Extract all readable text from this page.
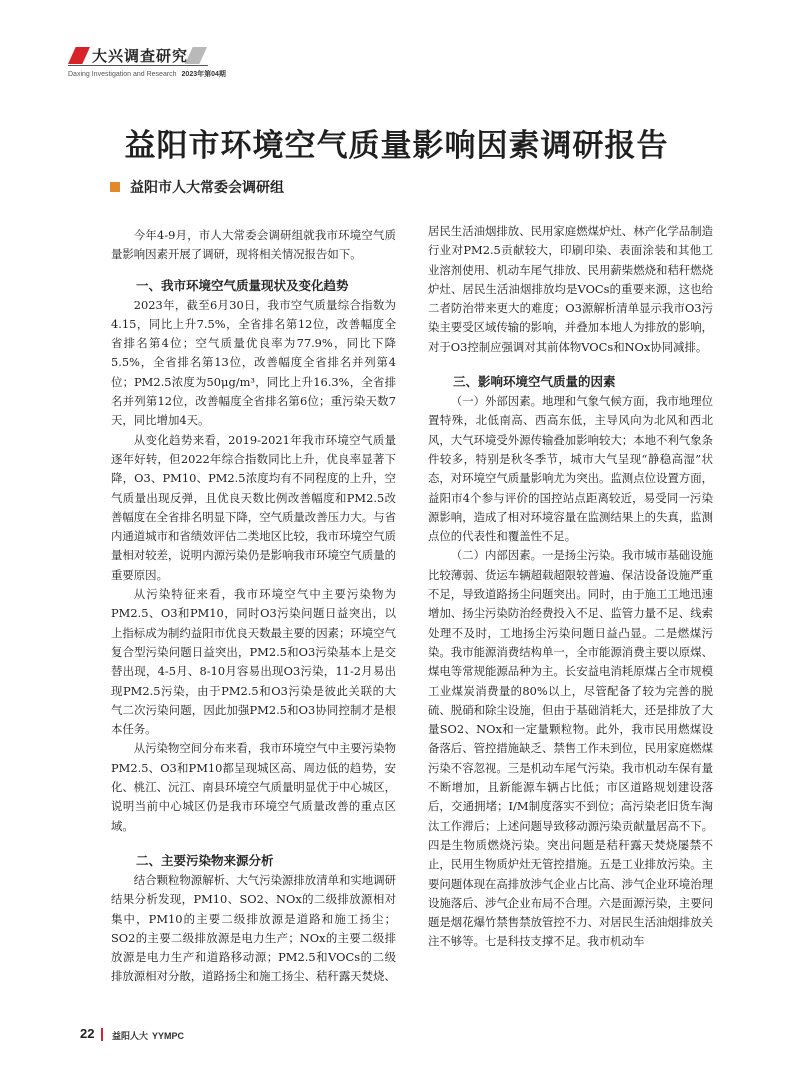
大兴调查研究
Daxing Investigation and Research 2023年第04期
益阳市环境空气质量影响因素调研报告
益阳市人大常委会调研组

今年4-9月，市人大常委会调研组就我市环境空气质量影响因素开展了调研，现将相关情况报告如下。

一、我市环境空气质量现状及变化趋势

2023年，截至6月30日，我市空气质量综合指数为4.15，同比上升7.5%，全省排名第12位，改善幅度全省排名第4位；空气质量优良率为77.9%，同比下降5.5%，全省排名第13位，改善幅度全省排名并列第4位；PM2.5浓度为50μg/m³，同比上升16.3%，全省排名并列第12位，改善幅度全省排名第6位；重污染天数7天，同比增加4天。

从变化趋势来看，2019-2021年我市环境空气质量逐年好转，但2022年综合指数同比上升，优良率显著下降，O3、PM10、PM2.5浓度均有不同程度的上升，空气质量出现反弹，且优良天数比例改善幅度和PM2.5改善幅度在全省排名明显下降，空气质量改善压力大。与省内通道城市和省绩效评估二类地区比较，我市环境空气质量相对较差，说明内源污染仍是影响我市环境空气质量的重要原因。

从污染特征来看，我市环境空气中主要污染物为PM2.5、O3和PM10，同时O3污染问题日益突出，以上指标成为制约益阳市优良天数最主要的因素；环境空气复合型污染问题日益突出，PM2.5和O3污染基本上是交替出现，4-5月、8-10月容易出现O3污染，11-2月易出现PM2.5污染，由于PM2.5和O3污染是彼此关联的大气二次污染问题，因此加强PM2.5和O3协同控制才是根本任务。

从污染物空间分布来看，我市环境空气中主要污染物PM2.5、O3和PM10都呈现城区高、周边低的趋势，安化、桃江、沅江、南县环境空气质量明显优于中心城区，说明当前中心城区仍是我市环境空气质量改善的重点区域。

二、主要污染物来源分析

结合颗粒物源解析、大气污染源排放清单和实地调研结果分析发现，PM10、SO2、NOx的二级排放源相对集中，PM10的主要二级排放源是道路和施工扬尘；SO2的主要二级排放源是电力生产；NOx的主要二级排放源是电力生产和道路移动源；PM2.5和VOCs的二级排放源相对分散，道路扬尘和施工扬尘、秸秆露天焚烧、

居民生活油烟排放、民用家庭燃煤炉灶、林产化学品制造行业对PM2.5贡献较大，印刷印染、表面涂装和其他工业溶剂使用、机动车尾气排放、民用薪柴燃烧和秸秆燃烧炉灶、居民生活油烟排放均是VOCs的重要来源，这也给二者防治带来更大的难度；O3源解析清单显示我市O3污染主要受区域传输的影响，并叠加本地人为排放的影响，对于O3控制应强调对其前体物VOCs和NOx协同减排。

三、影响环境空气质量的因素

（一）外部因素。地理和气象气候方面，我市地理位置特殊，北低南高、西高东低，主导风向为北风和西北风，大气环境受外源传输叠加影响较大；本地不利气象条件较多，特别是秋冬季节，城市大气呈现“静稳高湿”状态，对环境空气质量影响尤为突出。监测点位设置方面，益阳市4个参与评价的国控站点距离较近，易受同一污染源影响，造成了相对环境容量在监测结果上的失真，监测点位的代表性和覆盖性不足。

（二）内部因素。一是扬尘污染。我市城市基础设施比较薄弱、货运车辆超载超限较普遍、保洁设备设施严重不足，导致道路扬尘问题突出。同时，由于施工工地迅速增加、扬尘污染防治经费投入不足、监管力量不足、线索处理不及时，工地扬尘污染问题日益凸显。二是燃煤污染。我市能源消费结构单一，全市能源消费主要以原煤、煤电等常规能源品种为主。长安益电消耗原煤占全市规模工业煤炭消费量的80%以上，尽管配备了较为完善的脱硫、脱硝和除尘设施，但由于基础消耗大，还是排放了大量SO2、NOx和一定量颗粒物。此外，我市民用燃煤设备落后、管控措施缺乏、禁售工作未到位，民用家庭燃煤污染不容忽视。三是机动车尾气污染。我市机动车保有量不断增加，且新能源车辆占比低；市区道路规划建设落后，交通拥堵；I/M制度落实不到位；高污染老旧货车淘汰工作滞后；上述问题导致移动源污染贡献量居高不下。四是生物质燃烧污染。突出问题是秸秆露天焚烧屡禁不止，民用生物质炉灶无管控措施。五是工业排放污染。主要问题体现在高排放涉气企业占比高、涉气企业环境治理设施落后、涉气企业布局不合理。六是面源污染，主要问题是烟花爆竹禁售禁放管控不力、对居民生活油烟排放关注不够等。七是科技支撑不足。我市机动车

22 益阳人大 YYMPC
